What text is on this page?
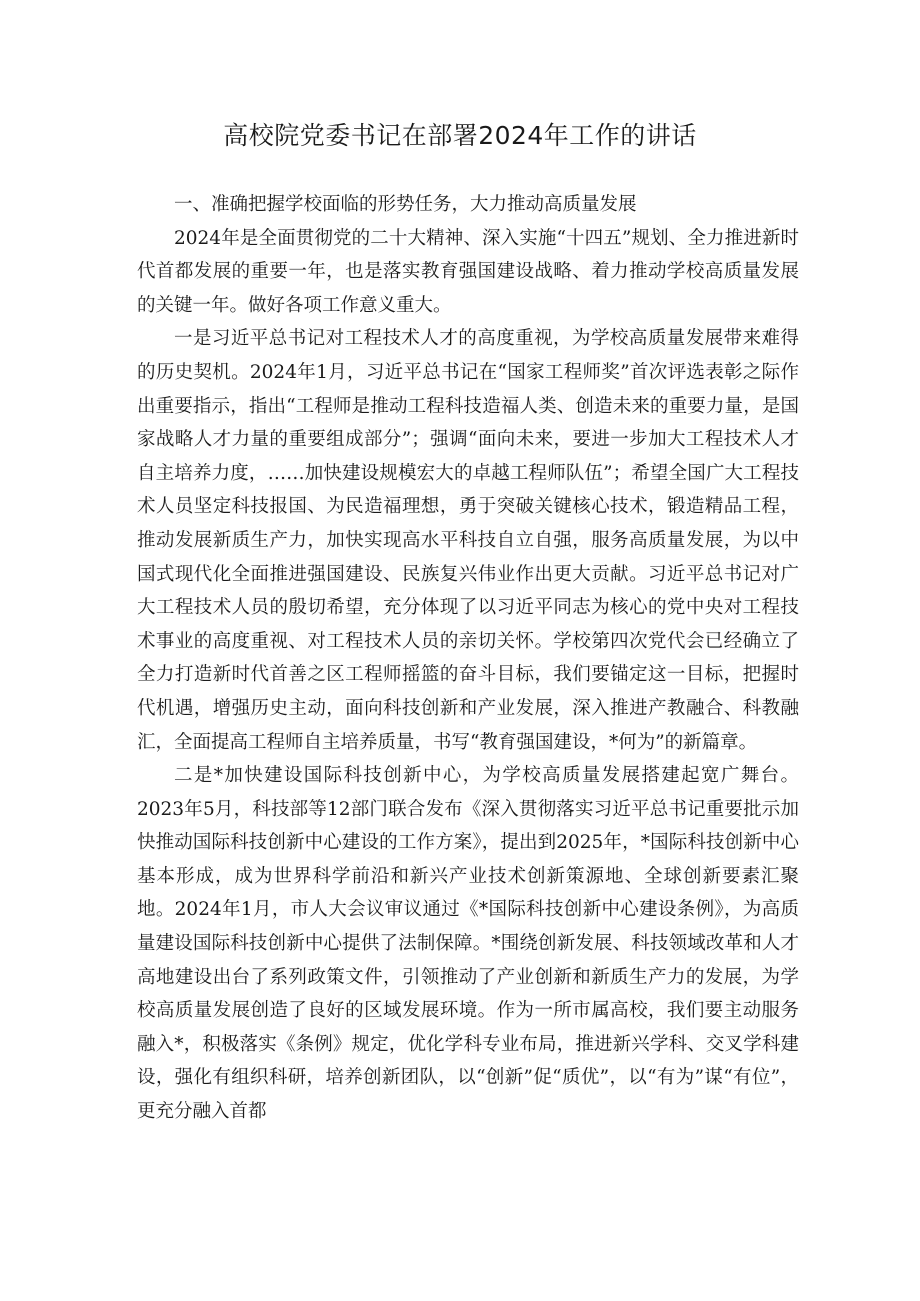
高校院党委书记在部署2024年工作的讲话

一、准确把握学校面临的形势任务，大力推动高质量发展

2024年是全面贯彻党的二十大精神、深入实施“十四五”规划、全力推进新时代首都发展的重要一年，也是落实教育强国建设战略、着力推动学校高质量发展的关键一年。做好各项工作意义重大。

一是习近平总书记对工程技术人才的高度重视，为学校高质量发展带来难得的历史契机。2024年1月，习近平总书记在“国家工程师奖”首次评选表彰之际作出重要指示，指出“工程师是推动工程科技造福人类、创造未来的重要力量，是国家战略人才力量的重要组成部分”；强调“面向未来，要进一步加大工程技术人才自主培养力度，……加快建设规模宏大的卓越工程师队伍”；希望全国广大工程技术人员坚定科技报国、为民造福理想，勇于突破关键核心技术，锻造精品工程，推动发展新质生产力，加快实现高水平科技自立自强，服务高质量发展，为以中国式现代化全面推进强国建设、民族复兴伟业作出更大贡献。习近平总书记对广大工程技术人员的殷切希望，充分体现了以习近平同志为核心的党中央对工程技术事业的高度重视、对工程技术人员的亲切关怀。学校第四次党代会已经确立了全力打造新时代首善之区工程师摇篮的奋斗目标，我们要锚定这一目标，把握时代机遇，增强历史主动，面向科技创新和产业发展，深入推进产教融合、科教融汇，全面提高工程师自主培养质量，书写“教育强国建设，*何为”的新篇章。

二是*加快建设国际科技创新中心，为学校高质量发展搭建起宽广舞台。2023年5月，科技部等12部门联合发布《深入贯彻落实习近平总书记重要批示加快推动国际科技创新中心建设的工作方案》，提出到2025年，*国际科技创新中心基本形成，成为世界科学前沿和新兴产业技术创新策源地、全球创新要素汇聚地。2024年1月，市人大会议审议通过《*国际科技创新中心建设条例》，为高质量建设国际科技创新中心提供了法制保障。*围绕创新发展、科技领域改革和人才高地建设出台了系列政策文件，引领推动了产业创新和新质生产力的发展，为学校高质量发展创造了良好的区域发展环境。作为一所市属高校，我们要主动服务融入*，积极落实《条例》规定，优化学科专业布局，推进新兴学科、交叉学科建设，强化有组织科研，培养创新团队，以“创新”促“质优”，以“有为”谋“有位”，更充分融入首都
